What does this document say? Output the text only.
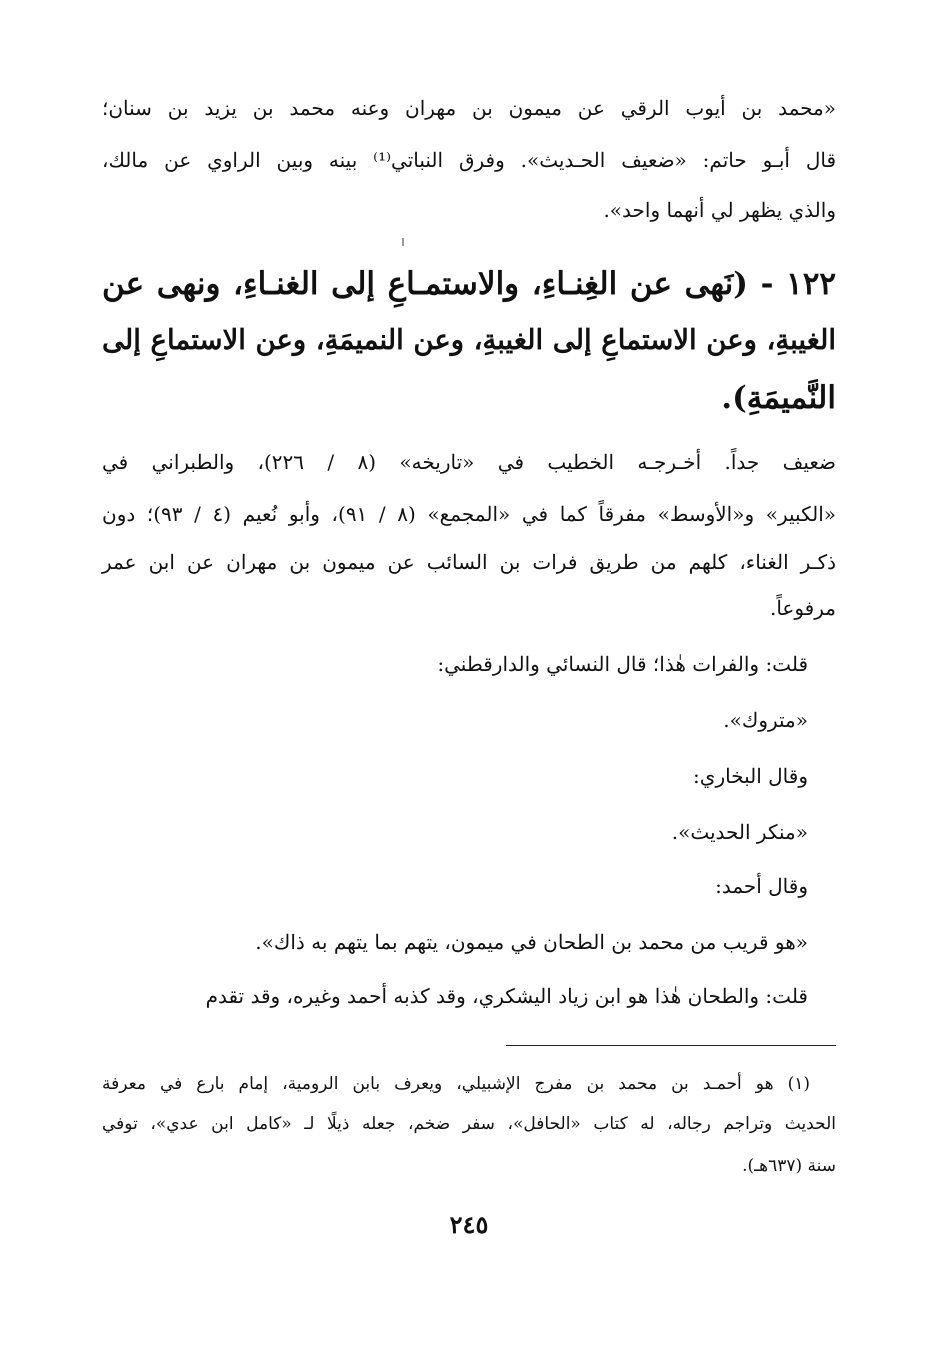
«محمد بن أيوب الرقي عن ميمون بن مهران وعنه محمد بن يزيد بن سنان؛
قال أبـو حاتم: «ضعيف الحـديث». وفرق النباتي⁽¹⁾ بينه وبين الراوي عن مالك،
والذي يظهر لي أنهما واحد».
١٢٢ - (نَهى عن الغِنـاءِ، والاستمـاعِ إلى الغنـاءِ، ونهى عن
الغيبةِ، وعن الاستماعِ إلى الغيبةِ، وعن النميمَةِ، وعن الاستماعِ إلى
النَّميمَةِ).
ضعيف جداً. أخـرجـه الخطيب في «تاريخه» (٨ / ٢٢٦)، والطبراني في
«الكبير» و«الأوسط» مفرقاً كما في «المجمع» (٨ / ٩١)، وأبو نُعيم (٤ / ٩٣)؛ دون
ذكـر الغناء، كلهم من طريق فرات بن السائب عن ميمون بن مهران عن ابن عمر
مرفوعاً.
قلت: والفرات هٰذا؛ قال النسائي والدارقطني:
«متروك».
وقال البخاري:
«منكر الحديث».
وقال أحمد:
«هو قريب من محمد بن الطحان في ميمون، يتهم بما يتهم به ذاك».
قلت: والطحان هٰذا هو ابن زياد اليشكري، وقد كذبه أحمد وغيره، وقد تقدم
(١) هو أحمـد بن محمد بن مفرج الإشبيلي، ويعرف بابن الرومية، إمام بارع في معرفة
الحديث وتراجم رجاله، له كتاب «الحافل»، سفر ضخم، جعله ذيلًا لـ «كامل ابن عدي»، توفي
سنة (٦٣٧هـ).
٢٤٥
